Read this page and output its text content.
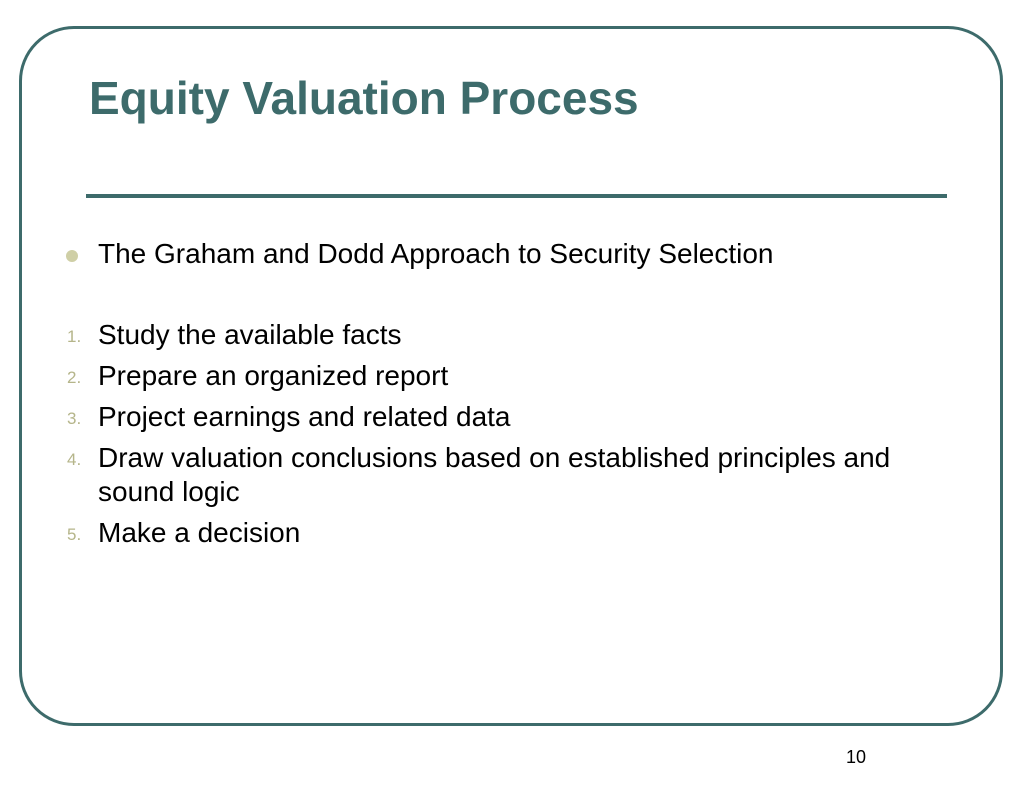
Equity Valuation Process
The Graham and Dodd Approach to Security Selection
1. Study the available facts
2. Prepare an organized report
3. Project earnings and related data
4. Draw valuation conclusions based on established principles and sound logic
5. Make a decision
10
